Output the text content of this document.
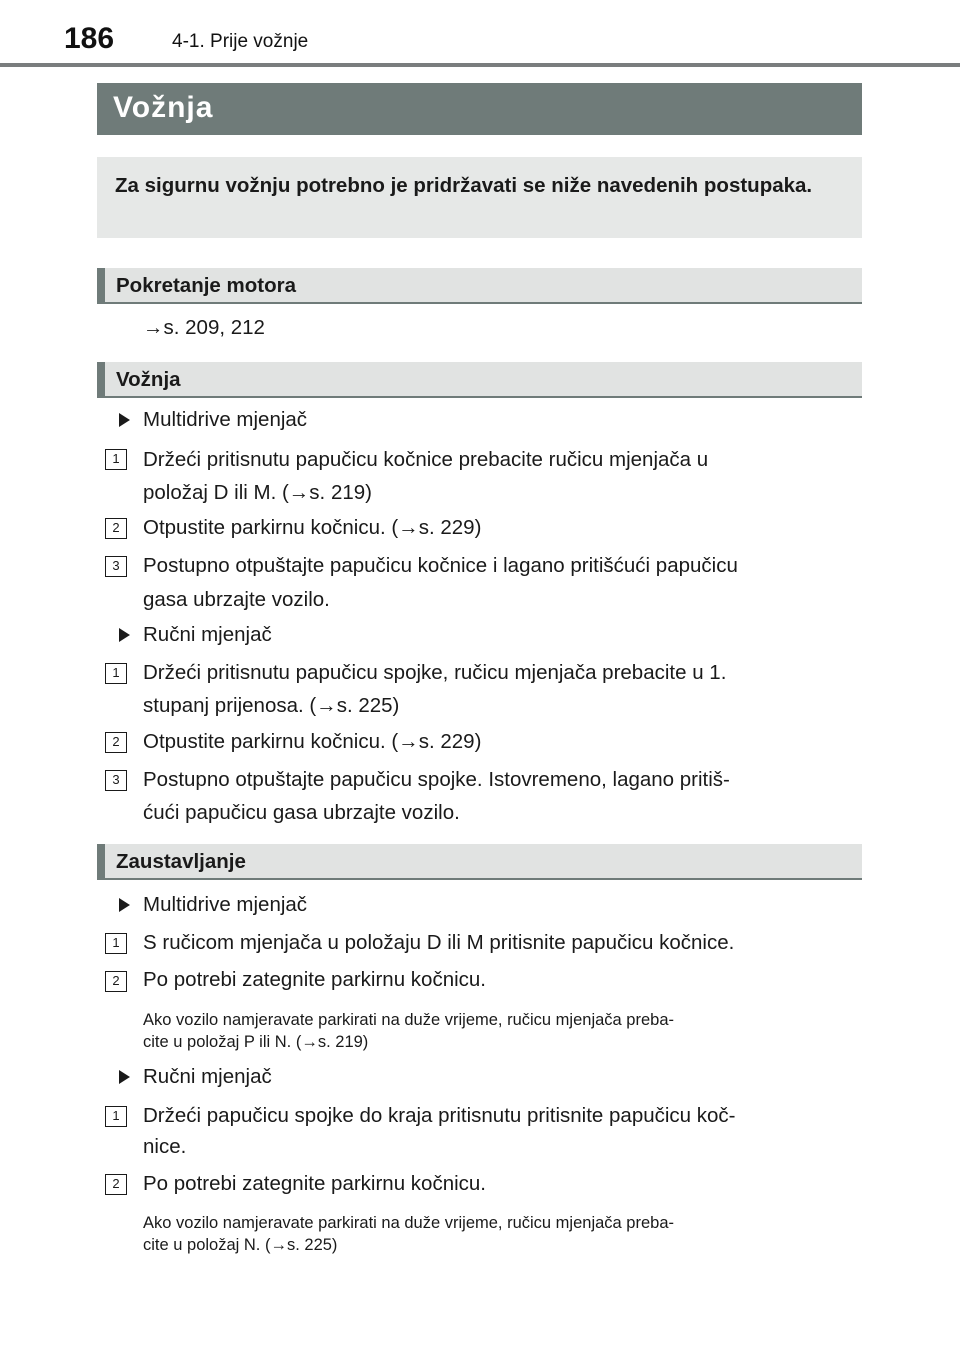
186	4-1. Prije vožnje
Vožnja

Za sigurnu vožnju potrebno je pridržavati se niže navedenih postupaka.

Pokretanje motora
→s. 209, 212
Vožnja
Multidrive mjenjač
1	Držeći pritisnutu papučicu kočnice prebacite ručicu mjenjača u
položaj D ili M. (→s. 219)
2	Otpustite parkirnu kočnicu. (→s. 229)
3	Postupno otpuštajte papučicu kočnice i lagano pritišćući papučicu
gasa ubrzajte vozilo.
Ručni mjenjač
1	Držeći pritisnutu papučicu spojke, ručicu mjenjača prebacite u 1.
stupanj prijenosa. (→s. 225)
2	Otpustite parkirnu kočnicu. (→s. 229)
3	Postupno otpuštajte papučicu spojke. Istovremeno, lagano pritiš-
ćući papučicu gasa ubrzajte vozilo.
Zaustavljanje
Multidrive mjenjač
1	S ručicom mjenjača u položaju D ili M pritisnite papučicu kočnice.
2	Po potrebi zategnite parkirnu kočnicu.
Ako vozilo namjeravate parkirati na duže vrijeme, ručicu mjenjača preba-
cite u položaj P ili N. (→s. 219)
Ručni mjenjač
1	Držeći papučicu spojke do kraja pritisnutu pritisnite papučicu koč-
nice.
2	Po potrebi zategnite parkirnu kočnicu.
Ako vozilo namjeravate parkirati na duže vrijeme, ručicu mjenjača preba-
cite u položaj N. (→s. 225)
